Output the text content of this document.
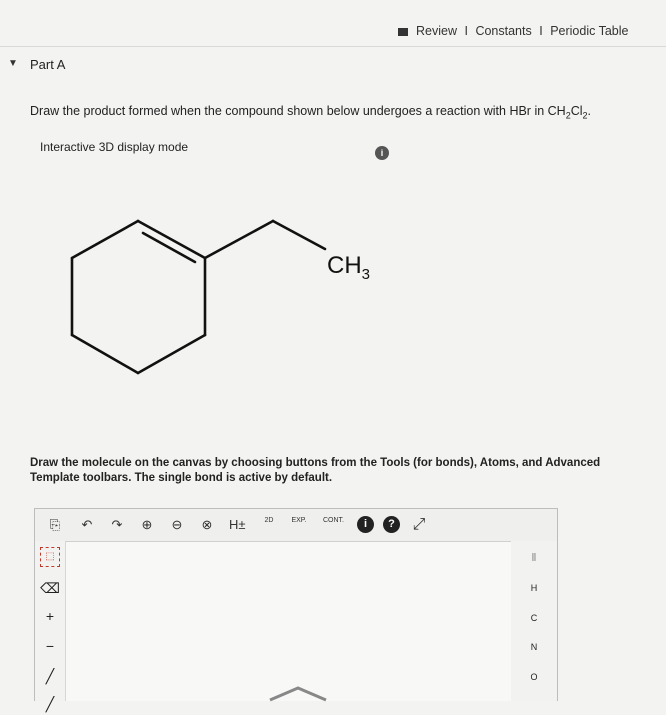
Review I Constants I Periodic Table
▼ Part A
Draw the product formed when the compound shown below undergoes a reaction with HBr in $CH_2Cl_2$.
Interactive 3D display mode	i
$CH_3$
Draw the molecule on the canvas by choosing buttons from the Tools (for bonds), Atoms, and Advanced Template toolbars. The single bond is active by default.
⎘ ↶ ↷ ⊕ ⊖ ⊗ H±	2D	EXP. CONT.	i	?	⤢
⬚
⌫
+
−
╱
╱
⣿
H
C
N
O
